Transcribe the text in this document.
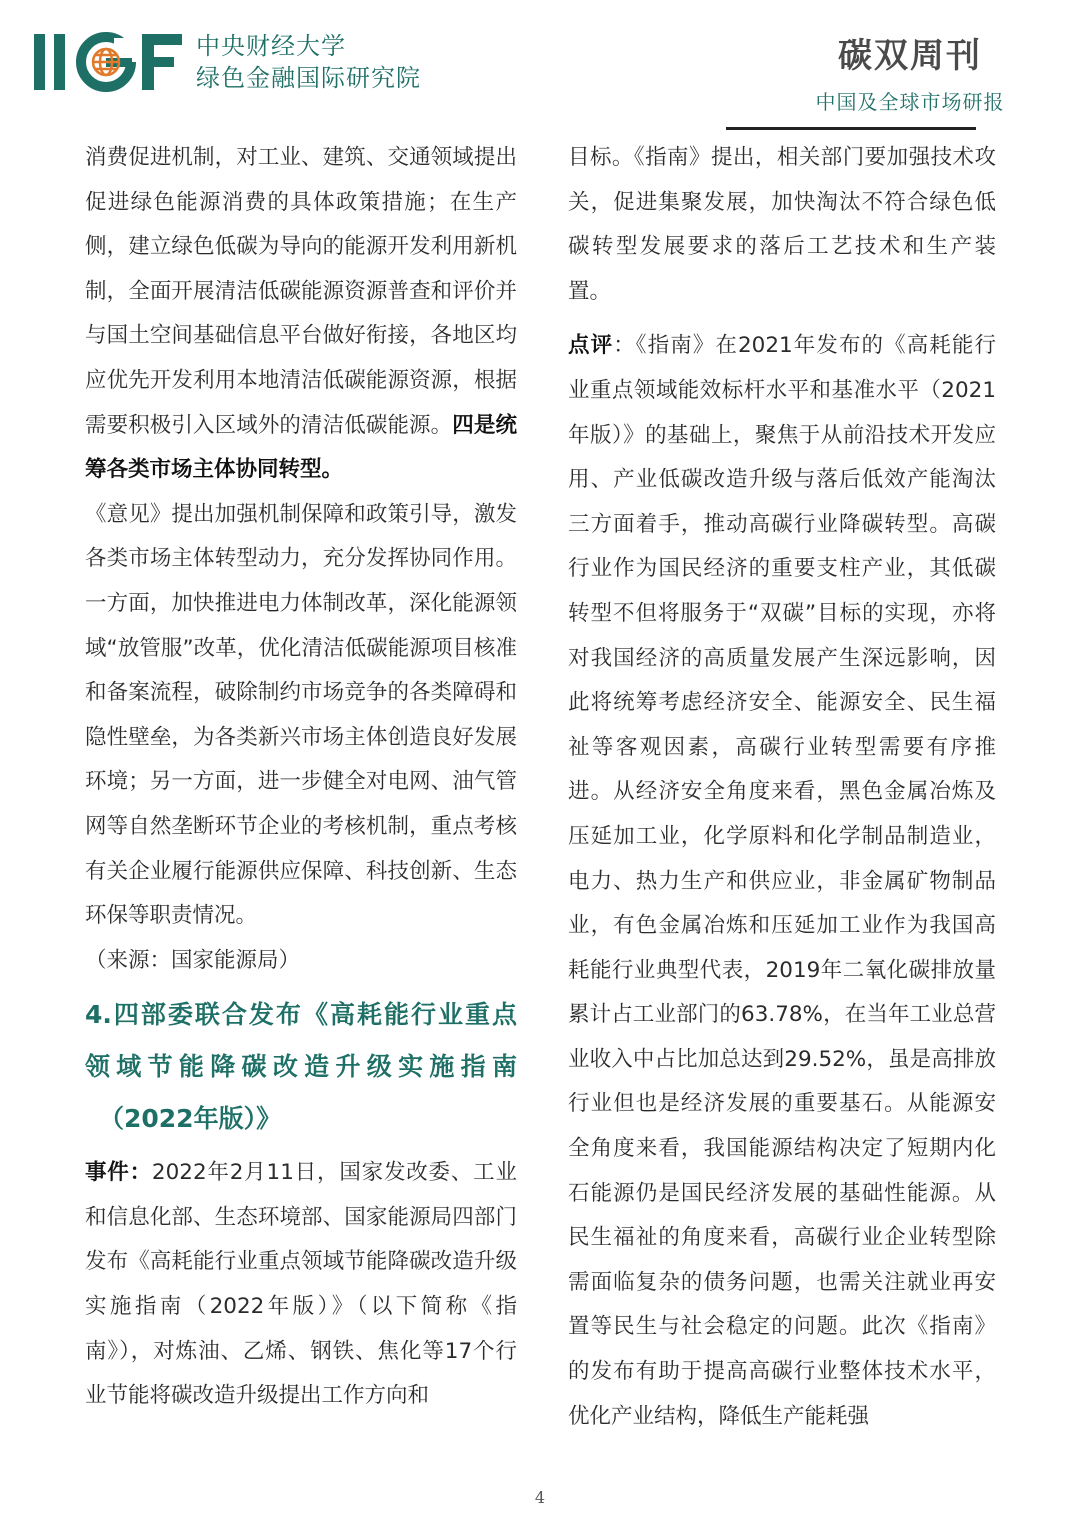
中央财经大学
绿色金融国际研究院
碳双周刊
中国及全球市场研报

消费促进机制，对工业、建筑、交通领域提出促进绿色能源消费的具体政策措施；在生产侧，建立绿色低碳为导向的能源开发利用新机制，全面开展清洁低碳能源资源普查和评价并与国土空间基础信息平台做好衔接，各地区均应优先开发利用本地清洁低碳能源资源，根据需要积极引入区域外的清洁低碳能源。四是统筹各类市场主体协同转型。

《意见》提出加强机制保障和政策引导，激发各类市场主体转型动力，充分发挥协同作用。一方面，加快推进电力体制改革，深化能源领域“放管服”改革，优化清洁低碳能源项目核准和备案流程，破除制约市场竞争的各类障碍和隐性壁垒，为各类新兴市场主体创造良好发展环境；另一方面，进一步健全对电网、油气管网等自然垄断环节企业的考核机制，重点考核有关企业履行能源供应保障、科技创新、生态环保等职责情况。

（来源：国家能源局）

4.四部委联合发布《高耗能行业重点
领域节能降碳改造升级实施指南
（2022年版）》

事件：2022年2月11日，国家发改委、工业和信息化部、生态环境部、国家能源局四部门发布《高耗能行业重点领域节能降碳改造升级实施指南（2022年版）》（以下简称《指南》），对炼油、乙烯、钢铁、焦化等17个行业节能将碳改造升级提出工作方向和

目标。《指南》提出，相关部门要加强技术攻关，促进集聚发展，加快淘汰不符合绿色低碳转型发展要求的落后工艺技术和生产装置。

点评：《指南》在2021年发布的《高耗能行业重点领域能效标杆水平和基准水平（2021年版）》的基础上，聚焦于从前沿技术开发应用、产业低碳改造升级与落后低效产能淘汰三方面着手，推动高碳行业降碳转型。高碳行业作为国民经济的重要支柱产业，其低碳转型不但将服务于“双碳”目标的实现，亦将对我国经济的高质量发展产生深远影响，因此将统筹考虑经济安全、能源安全、民生福祉等客观因素，高碳行业转型需要有序推进。从经济安全角度来看，黑色金属冶炼及压延加工业，化学原料和化学制品制造业，电力、热力生产和供应业，非金属矿物制品业，有色金属冶炼和压延加工业作为我国高耗能行业典型代表，2019年二氧化碳排放量累计占工业部门的63.78%，在当年工业总营业收入中占比加总达到29.52%，虽是高排放行业但也是经济发展的重要基石。从能源安全角度来看，我国能源结构决定了短期内化石能源仍是国民经济发展的基础性能源。从民生福祉的角度来看，高碳行业企业转型除需面临复杂的债务问题，也需关注就业再安置等民生与社会稳定的问题。此次《指南》的发布有助于提高高碳行业整体技术水平，优化产业结构，降低生产能耗强

4
